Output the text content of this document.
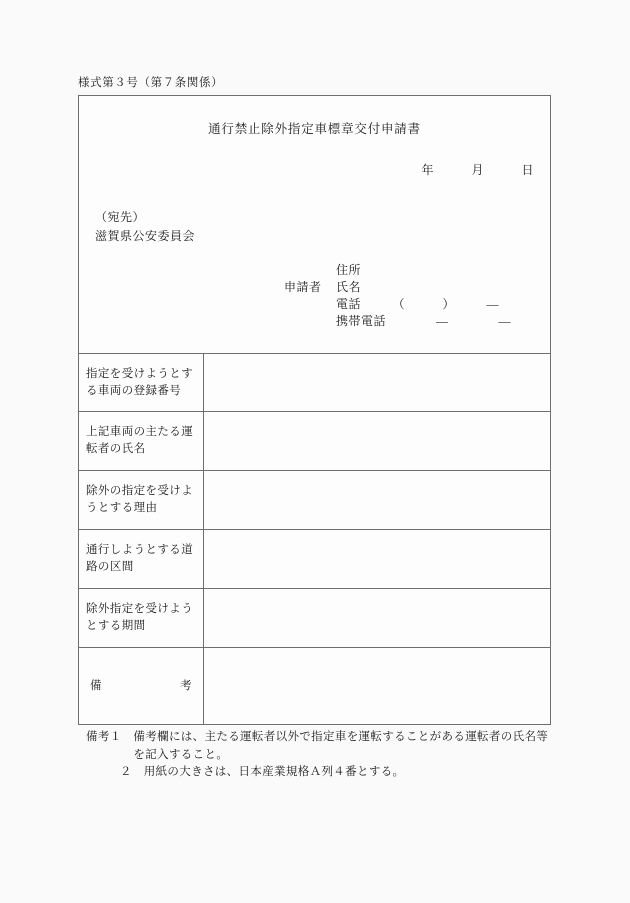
様式第３号（第７条関係）
通行禁止除外指定車標章交付申請書
年　　　月　　　日
（宛先）
滋賀県公安委員会
申請者
住所
氏名
電話　　　（　　　）　　　—
携帯電話　　　　—　　　　—
指定を受けようとする車両の登録番号
上記車両の主たる運転者の氏名
除外の指定を受けようとする理由
通行しようとする道路の区間
除外指定を受けようとする期間
備考
備考１　 備考欄には、主たる運転者以外で指定車を運転することがある運転者の氏名等を記入すること。
２　 用紙の大きさは、日本産業規格Ａ列４番とする。
